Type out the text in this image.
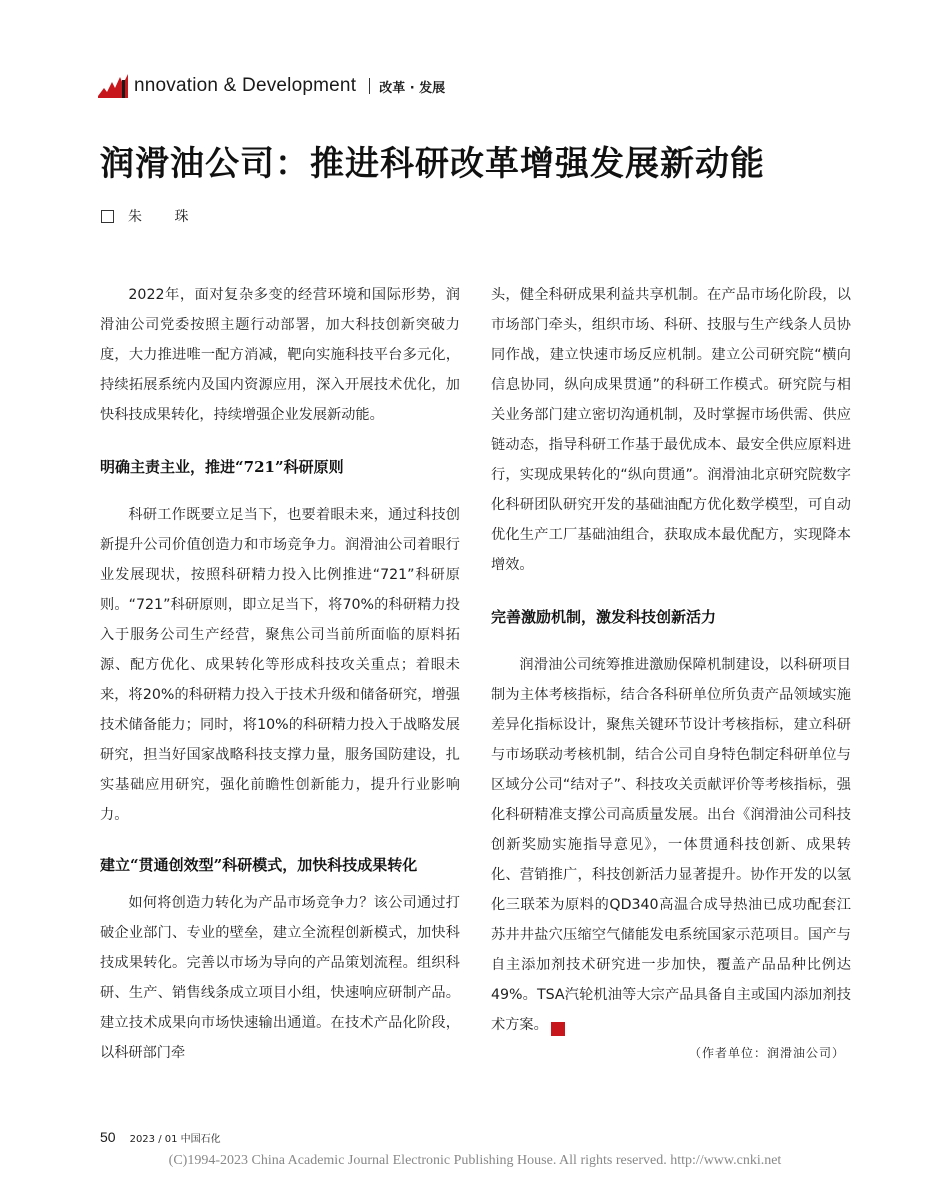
nnovation & Development 改革 · 发展
润滑油公司：推进科研改革增强发展新动能
朱 珠

2022年，面对复杂多变的经营环境和国际形势，润滑油公司党委按照主题行动部署，加大科技创新突破力度，大力推进唯一配方消减，靶向实施科技平台多元化，持续拓展系统内及国内资源应用，深入开展技术优化，加快科技成果转化，持续增强企业发展新动能。

明确主责主业，推进“721”科研原则

科研工作既要立足当下，也要着眼未来，通过科技创新提升公司价值创造力和市场竞争力。润滑油公司着眼行业发展现状，按照科研精力投入比例推进“721”科研原则。“721”科研原则，即立足当下，将70%的科研精力投入于服务公司生产经营，聚焦公司当前所面临的原料拓源、配方优化、成果转化等形成科技攻关重点；着眼未来，将20%的科研精力投入于技术升级和储备研究，增强技术储备能力；同时，将10%的科研精力投入于战略发展研究，担当好国家战略科技支撑力量，服务国防建设，扎实基础应用研究，强化前瞻性创新能力，提升行业影响力。

建立“贯通创效型”科研模式，加快科技成果转化

如何将创造力转化为产品市场竞争力？该公司通过打破企业部门、专业的壁垒，建立全流程创新模式，加快科技成果转化。完善以市场为导向的产品策划流程。组织科研、生产、销售线条成立项目小组，快速响应研制产品。建立技术成果向市场快速输出通道。在技术产品化阶段，以科研部门牵

头，健全科研成果利益共享机制。在产品市场化阶段，以市场部门牵头，组织市场、科研、技服与生产线条人员协同作战，建立快速市场反应机制。建立公司研究院“横向信息协同，纵向成果贯通”的科研工作模式。研究院与相关业务部门建立密切沟通机制，及时掌握市场供需、供应链动态，指导科研工作基于最优成本、最安全供应原料进行，实现成果转化的“纵向贯通”。润滑油北京研究院数字化科研团队研究开发的基础油配方优化数学模型，可自动优化生产工厂基础油组合，获取成本最优配方，实现降本增效。

完善激励机制，激发科技创新活力

润滑油公司统筹推进激励保障机制建设，以科研项目制为主体考核指标，结合各科研单位所负责产品领域实施差异化指标设计，聚焦关键环节设计考核指标，建立科研与市场联动考核机制，结合公司自身特色制定科研单位与区域分公司“结对子”、科技攻关贡献评价等考核指标，强化科研精准支撑公司高质量发展。出台《润滑油公司科技创新奖励实施指导意见》，一体贯通科技创新、成果转化、营销推广，科技创新活力显著提升。协作开发的以氢化三联苯为原料的QD340高温合成导热油已成功配套江苏井井盐穴压缩空气储能发电系统国家示范项目。国产与自主添加剂技术研究进一步加快，覆盖产品品种比例达49%。TSA汽轮机油等大宗产品具备自主或国内添加剂技术方案。	✎

（作者单位：润滑油公司）
50 2023 / 01 中国石化
(C)1994-2023 China Academic Journal Electronic Publishing House. All rights reserved. http://www.cnki.net
